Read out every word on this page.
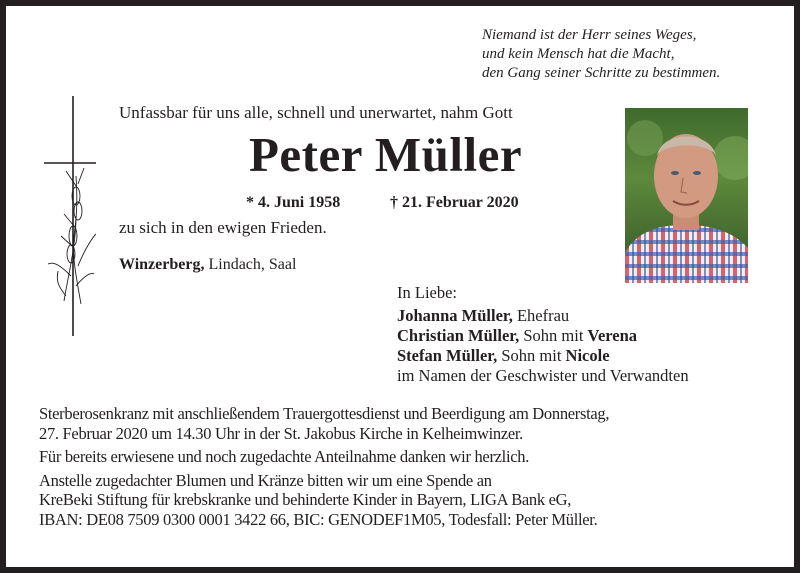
Niemand ist der Herr seines Weges,
und kein Mensch hat die Macht,
den Gang seiner Schritte zu bestimmen.
Unfassbar für uns alle, schnell und unerwartet, nahm Gott
Peter Müller
* 4. Juni 1958	† 21. Februar 2020
zu sich in den ewigen Frieden.
Winzerberg, Lindach, Saal
In Liebe:
Johanna Müller, Ehefrau
Christian Müller, Sohn mit Verena
Stefan Müller, Sohn mit Nicole
im Namen der Geschwister und Verwandten

Sterberosenkranz mit anschließendem Trauergottesdienst und Beerdigung am Donnerstag,

27. Februar 2020 um 14.30 Uhr in der St. Jakobus Kirche in Kelheimwinzer.

Für bereits erwiesene und noch zugedachte Anteilnahme danken wir herzlich.

Anstelle zugedachter Blumen und Kränze bitten wir um eine Spende an

KreBeki Stiftung für krebskranke und behinderte Kinder in Bayern, LIGA Bank eG,

IBAN: DE08 7509 0300 0001 3422 66, BIC: GENODEF1M05, Todesfall: Peter Müller.
